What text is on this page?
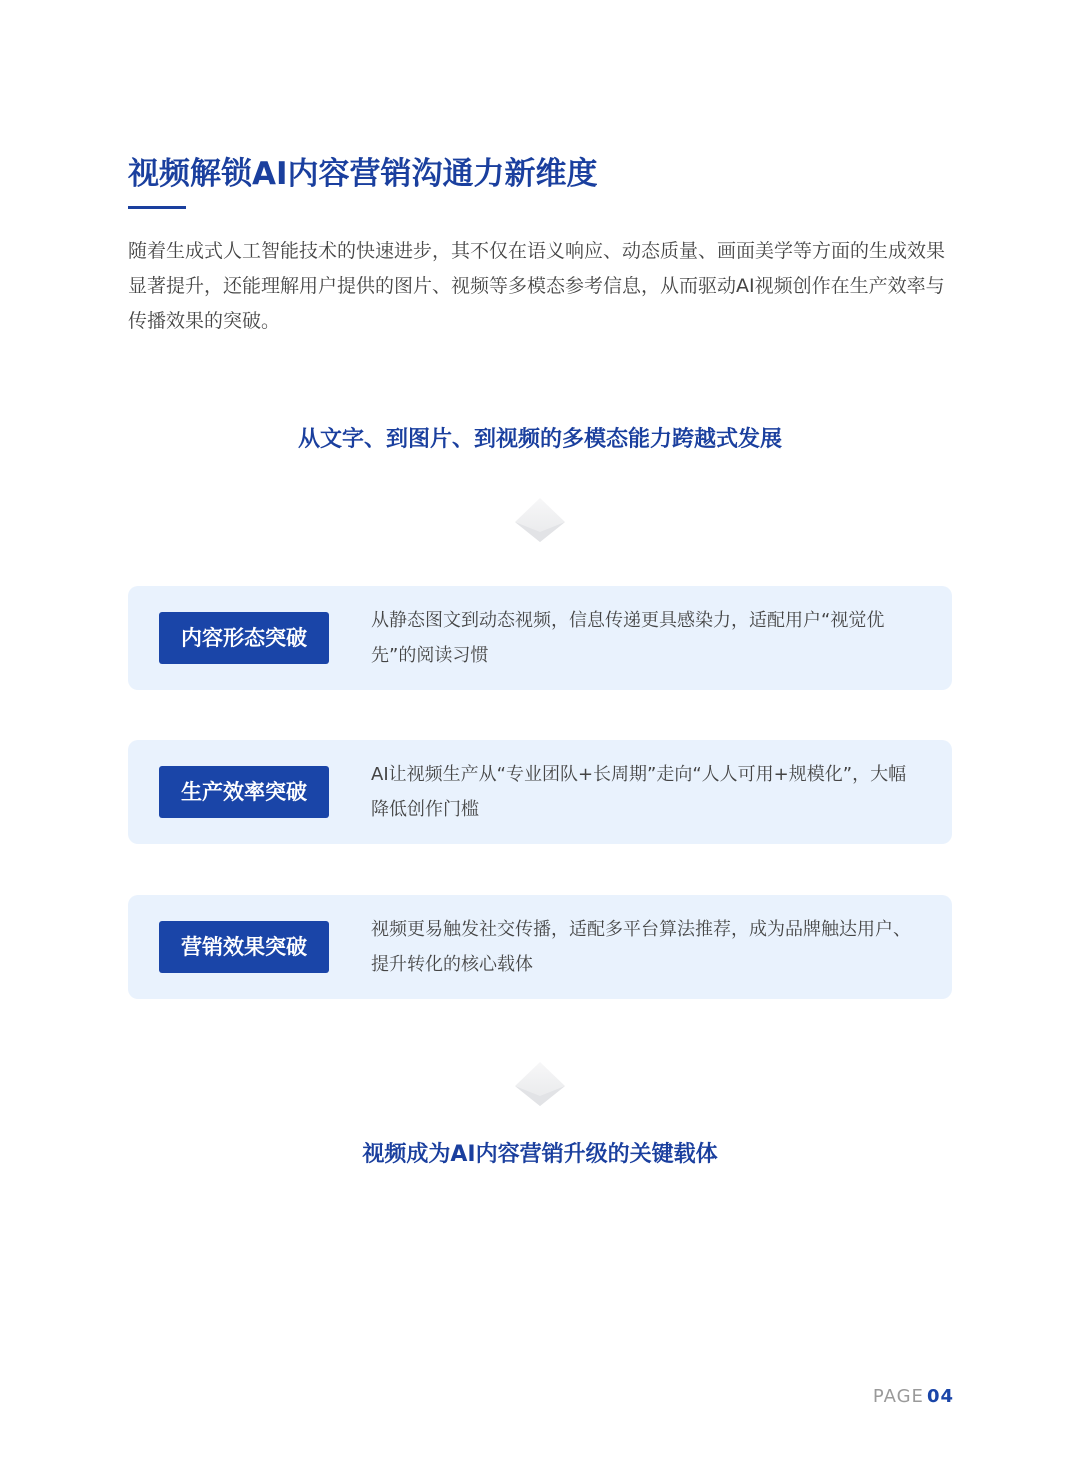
视频解锁AI内容营销沟通力新维度

随着生成式人工智能技术的快速进步，其不仅在语义响应、动态质量、画面美学等方面的生成效果显著提升，还能理解用户提供的图片、视频等多模态参考信息，从而驱动AI视频创作在生产效率与传播效果的突破。

从文字、到图片、到视频的多模态能力跨越式发展
内容形态突破

从静态图文到动态视频，信息传递更具感染力，适配用户“视觉优先”的阅读习惯

生产效率突破

AI让视频生产从“专业团队+长周期”走向“人人可用+规模化”，大幅降低创作门槛

营销效果突破

视频更易触发社交传播，适配多平台算法推荐，成为品牌触达用户、提升转化的核心载体

视频成为AI内容营销升级的关键载体
PAGE 04
